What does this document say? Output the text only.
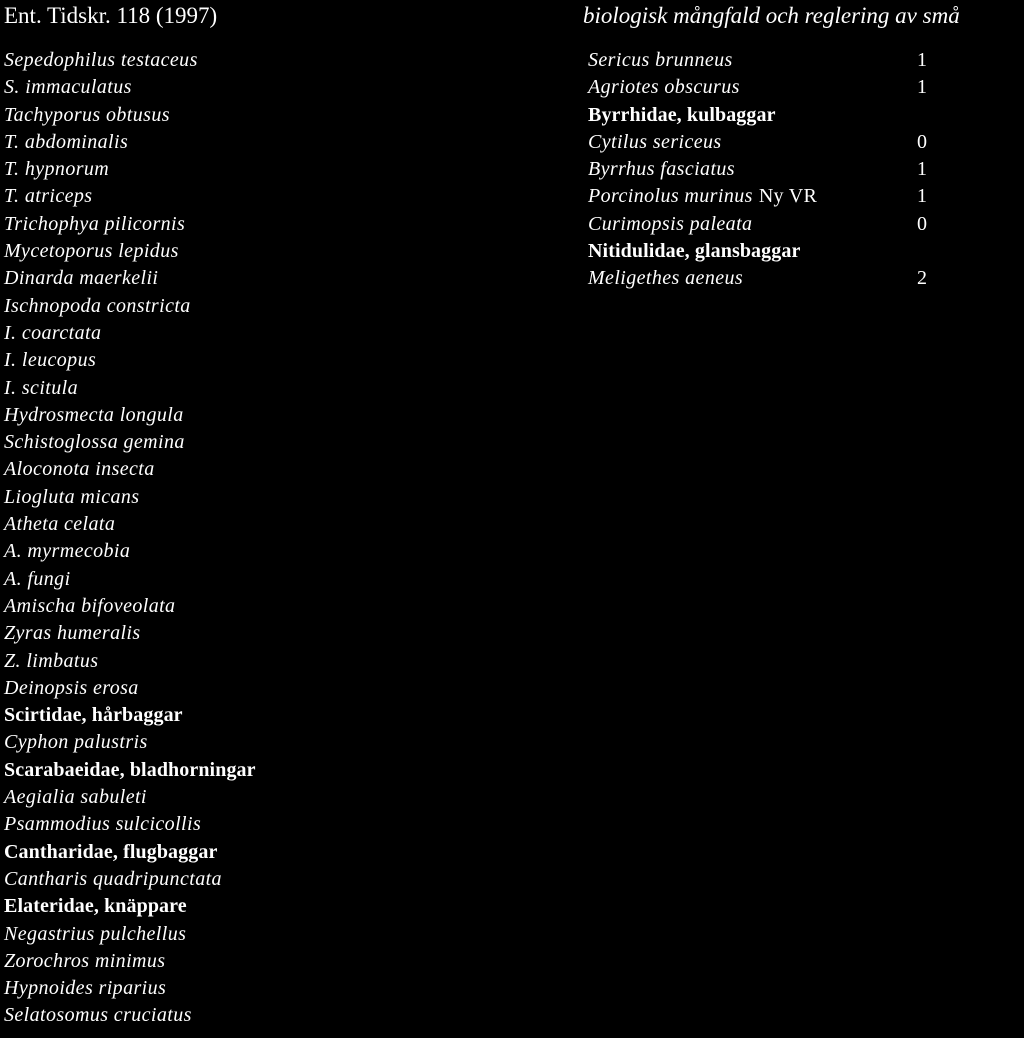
Ent. Tidskr. 118 (1997)	biologisk mångfald och reglering av små
Sepedophilus testaceus
S. immaculatus
Tachyporus obtusus
T. abdominalis
T. hypnorum
T. atriceps
Trichophya pilicornis
Mycetoporus lepidus
Dinarda maerkelii
Ischnopoda constricta
I. coarctata
I. leucopus
I. scitula
Hydrosmecta longula
Schistoglossa gemina
Aloconota insecta
Liogluta micans
Atheta celata
A. myrmecobia
A. fungi
Amischa bifoveolata
Zyras humeralis
Z. limbatus
Deinopsis erosa
Scirtidae, hårbaggar
Cyphon palustris
Scarabaeidae, bladhorningar
Aegialia sabuleti
Psammodius sulcicollis
Cantharidae, flugbaggar
Cantharis quadripunctata
Elateridae, knäppare
Negastrius pulchellus
Zorochros minimus
Hypnoides riparius
Selatosomus cruciatus
Sericus brunneus	1
Agriotes obscurus	1
Byrrhidae, kulbaggar
Cytilus sericeus	0
Byrrhus fasciatus	1
Porcinolus murinus Ny VR	1
Curimopsis paleata	0
Nitidulidae, glansbaggar
Meligethes aeneus	2
